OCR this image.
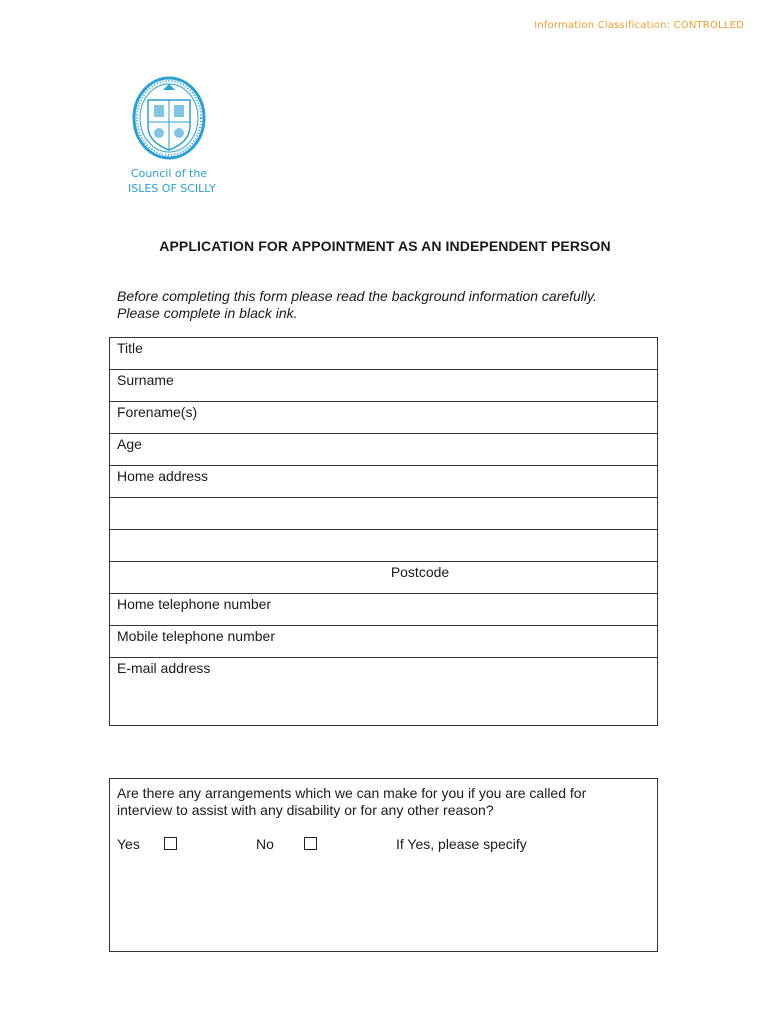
Information Classification: CONTROLLED
Council of the
ISLES OF SCILLY
APPLICATION FOR APPOINTMENT AS AN INDEPENDENT PERSON
Before completing this form please read the background information carefully.
Please complete in black ink.
Title
Surname
Forename(s)
Age
Home address

Postcode
Home telephone number
Mobile telephone number
E-mail address
Are there any arrangements which we can make for you if you are called for
interview to assist with any disability or for any other reason?
Yes	No	If Yes, please specify
